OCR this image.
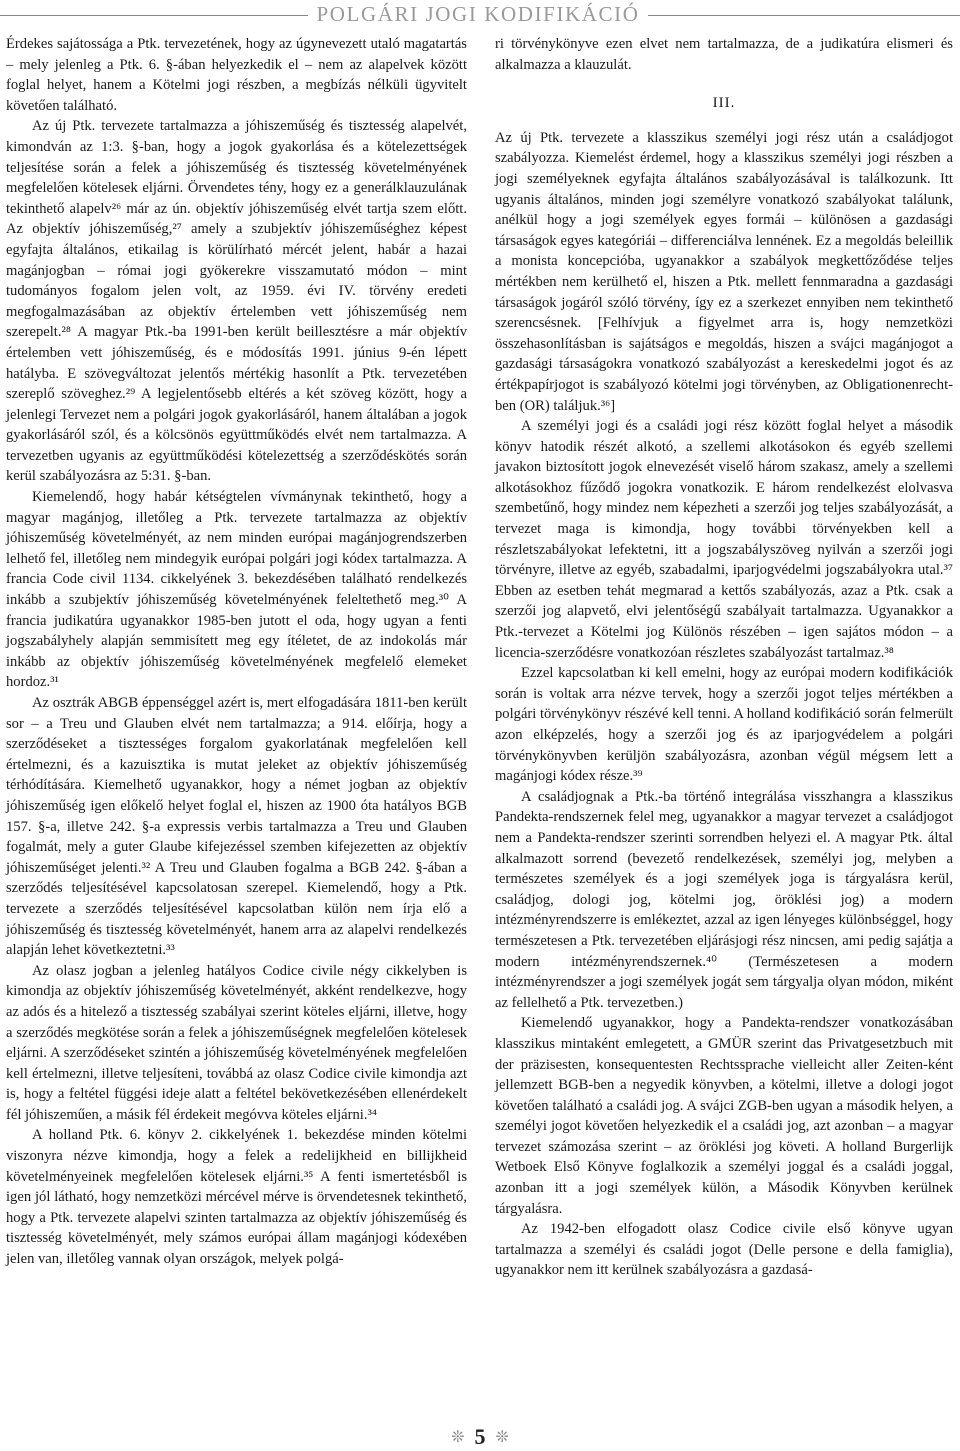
POLGÁRI JOGI KODIFIKÁCIÓ

Érdekes sajátossága a Ptk. tervezetének, hogy az úgynevezett utaló magatartás – mely jelenleg a Ptk. 6. §-ában helyezkedik el – nem az alapelvek között foglal helyet, hanem a Kötelmi jogi részben, a megbízás nélküli ügyvitelt követően található.

Az új Ptk. tervezete tartalmazza a jóhiszeműség és tisztesség alapelvét, kimondván az 1:3. §-ban, hogy a jogok gyakorlása és a kötelezettségek teljesítése során a felek a jóhiszeműség és tisztesség követelményének megfelelően kötelesek eljárni. Örvendetes tény, hogy ez a generálklauzulának tekinthető alapelv²⁶ már az ún. objektív jóhiszeműség elvét tartja szem előtt. Az objektív jóhiszeműség,²⁷ amely a szubjektív jóhiszeműséghez képest egyfajta általános, etikailag is körülírható mércét jelent, habár a hazai magánjogban – római jogi gyökerekre visszamutató módon – mint tudományos fogalom jelen volt, az 1959. évi IV. törvény eredeti megfogalmazásában az objektív értelemben vett jóhiszeműség nem szerepelt.²⁸ A magyar Ptk.-ba 1991-ben került beillesztésre a már objektív értelemben vett jóhiszeműség, és e módosítás 1991. június 9-én lépett hatályba. E szövegváltozat jelentős mértékig hasonlít a Ptk. tervezetében szereplő szöveghez.²⁹ A legjelentősebb eltérés a két szöveg között, hogy a jelenlegi Tervezet nem a polgári jogok gyakorlásáról, hanem általában a jogok gyakorlásáról szól, és a kölcsönös együttműködés elvét nem tartalmazza. A tervezetben ugyanis az együttműködési kötelezettség a szerződéskötés során kerül szabályozásra az 5:31. §-ban.

Kiemelendő, hogy habár kétségtelen vívmánynak tekinthető, hogy a magyar magánjog, illetőleg a Ptk. tervezete tartalmazza az objektív jóhiszeműség követelményét, az nem minden európai magánjogrendszerben lelhető fel, illetőleg nem mindegyik európai polgári jogi kódex tartalmazza. A francia Code civil 1134. cikkelyének 3. bekezdésében található rendelkezés inkább a szubjektív jóhiszeműség követelményének feleltethető meg.³⁰ A francia judikatúra ugyanakkor 1985-ben jutott el oda, hogy ugyan a fenti jogszabályhely alapján semmisített meg egy ítéletet, de az indokolás már inkább az objektív jóhiszeműség követelményének megfelelő elemeket hordoz.³¹

Az osztrák ABGB éppenséggel azért is, mert elfogadására 1811-ben került sor – a Treu und Glauben elvét nem tartalmazza; a 914. előírja, hogy a szerződéseket a tisztességes forgalom gyakorlatának megfelelően kell értelmezni, és a kazuisztika is mutat jeleket az objektív jóhiszeműség térhódítására. Kiemelhető ugyanakkor, hogy a német jogban az objektív jóhiszeműség igen előkelő helyet foglal el, hiszen az 1900 óta hatályos BGB 157. §-a, illetve 242. §-a expressis verbis tartalmazza a Treu und Glauben fogalmát, mely a guter Glaube kifejezéssel szemben kifejezetten az objektív jóhiszeműséget jelenti.³² A Treu und Glauben fogalma a BGB 242. §-ában a szerződés teljesítésével kapcsolatosan szerepel. Kiemelendő, hogy a Ptk. tervezete a szerződés teljesítésével kapcsolatban külön nem írja elő a jóhiszeműség és tisztesség követelményét, hanem arra az alapelvi rendelkezés alapján lehet következtetni.³³

Az olasz jogban a jelenleg hatályos Codice civile négy cikkelyben is kimondja az objektív jóhiszeműség követelményét, akként rendelkezve, hogy az adós és a hitelező a tisztesség szabályai szerint köteles eljárni, illetve, hogy a szerződés megkötése során a felek a jóhiszeműségnek megfelelően kötelesek eljárni. A szerződéseket szintén a jóhiszeműség követelményének megfelelően kell értelmezni, illetve teljesíteni, továbbá az olasz Codice civile kimondja azt is, hogy a feltétel függési ideje alatt a feltétel bekövetkezésében ellenérdekelt fél jóhiszeműen, a másik fél érdekeit megóvva köteles eljárni.³⁴

A holland Ptk. 6. könyv 2. cikkelyének 1. bekezdése minden kötelmi viszonyra nézve kimondja, hogy a felek a redelijkheid en billijkheid követelményeinek megfelelően kötelesek eljárni.³⁵ A fenti ismertetésből is igen jól látható, hogy nemzetközi mércével mérve is örvendetesnek tekinthető, hogy a Ptk. tervezete alapelvi szinten tartalmazza az objektív jóhiszeműség és tisztesség követelményét, mely számos európai állam magánjogi kódexében jelen van, illetőleg vannak olyan országok, melyek polgá-

ri törvénykönyve ezen elvet nem tartalmazza, de a judikatúra elismeri és alkalmazza a klauzulát.

III.

Az új Ptk. tervezete a klasszikus személyi jogi rész után a családjogot szabályozza. Kiemelést érdemel, hogy a klasszikus személyi jogi részben a jogi személyeknek egyfajta általános szabályozásával is találkozunk. Itt ugyanis általános, minden jogi személyre vonatkozó szabályokat találunk, anélkül hogy a jogi személyek egyes formái – különösen a gazdasági társaságok egyes kategóriái – differenciálva lennének. Ez a megoldás beleillik a monista koncepcióba, ugyanakkor a szabályok megkettőződése teljes mértékben nem kerülhető el, hiszen a Ptk. mellett fennmaradna a gazdasági társaságok jogáról szóló törvény, így ez a szerkezet ennyiben nem tekinthető szerencsésnek. [Felhívjuk a figyelmet arra is, hogy nemzetközi összehasonlításban is sajátságos e megoldás, hiszen a svájci magánjogot a gazdasági társaságokra vonatkozó szabályozást a kereskedelmi jogot és az értékpapírjogot is szabályozó kötelmi jogi törvényben, az Obligationenrecht-ben (OR) találjuk.³⁶]

A személyi jogi és a családi jogi rész között foglal helyet a második könyv hatodik részét alkotó, a szellemi alkotásokon és egyéb szellemi javakon biztosított jogok elnevezését viselő három szakasz, amely a szellemi alkotásokhoz fűződő jogokra vonatkozik. E három rendelkezést elolvasva szembetűnő, hogy mindez nem képezheti a szerzői jog teljes szabályozását, a tervezet maga is kimondja, hogy további törvényekben kell a részletszabályokat lefektetni, itt a jogszabályszöveg nyilván a szerzői jogi törvényre, illetve az egyéb, szabadalmi, iparjogvédelmi jogszabályokra utal.³⁷ Ebben az esetben tehát megmarad a kettős szabályozás, azaz a Ptk. csak a szerzői jog alapvető, elvi jelentőségű szabályait tartalmazza. Ugyanakkor a Ptk.-tervezet a Kötelmi jog Különös részében – igen sajátos módon – a licencia-szerződésre vonatkozóan részletes szabályozást tartalmaz.³⁸

Ezzel kapcsolatban ki kell emelni, hogy az európai modern kodifikációk során is voltak arra nézve tervek, hogy a szerzői jogot teljes mértékben a polgári törvénykönyv részévé kell tenni. A holland kodifikáció során felmerült azon elképzelés, hogy a szerzői jog és az iparjogvédelem a polgári törvénykönyvben kerüljön szabályozásra, azonban végül mégsem lett a magánjogi kódex része.³⁹

A családjognak a Ptk.-ba történő integrálása visszhangra a klasszikus Pandekta-rendszernek felel meg, ugyanakkor a magyar tervezet a családjogot nem a Pandekta-rendszer szerinti sorrendben helyezi el. A magyar Ptk. által alkalmazott sorrend (bevezető rendelkezések, személyi jog, melyben a természetes személyek és a jogi személyek joga is tárgyalásra kerül, családjog, dologi jog, kötelmi jog, öröklési jog) a modern intézményrendszerre is emlékeztet, azzal az igen lényeges különbséggel, hogy természetesen a Ptk. tervezetében eljárásjogi rész nincsen, ami pedig sajátja a modern intézményrendszernek.⁴⁰ (Természetesen a modern intézményrendszer a jogi személyek jogát sem tárgyalja olyan módon, miként az fellelhető a Ptk. tervezetben.)

Kiemelendő ugyanakkor, hogy a Pandekta-rendszer vonatkozásában klasszikus mintaként emlegetett, a GMÜR szerint das Privatgesetzbuch mit der präzisesten, konsequentesten Rechtssprache vielleicht aller Zeiten-ként jellemzett BGB-ben a negyedik könyvben, a kötelmi, illetve a dologi jogot követően található a családi jog. A svájci ZGB-ben ugyan a második helyen, a személyi jogot követően helyezkedik el a családi jog, azt azonban – a magyar tervezet számozása szerint – az öröklési jog követi. A holland Burgerlijk Wetboek Első Könyve foglalkozik a személyi joggal és a családi joggal, azonban itt a jogi személyek külön, a Második Könyvben kerülnek tárgyalásra.

Az 1942-ben elfogadott olasz Codice civile első könyve ugyan tartalmazza a személyi és családi jogot (Delle persone e della famiglia), ugyanakkor nem itt kerülnek szabályozásra a gazdasá-

❊ 5 ❊
